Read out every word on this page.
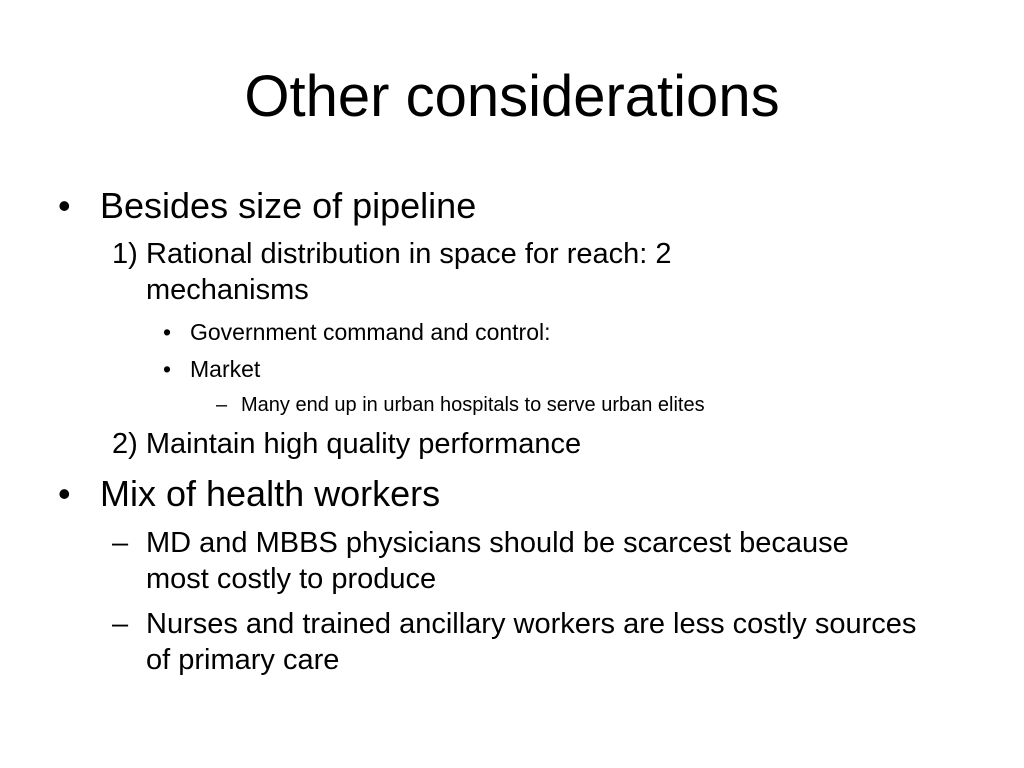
Other considerations
• Besides size of pipeline
1) Rational distribution in space for reach: 2 mechanisms
• Government command and control:
• Market
– Many end up in urban hospitals to serve urban elites
2) Maintain high quality performance
• Mix of health workers
– MD and MBBS physicians should be scarcest because most costly to produce
– Nurses and trained ancillary workers are less costly sources of primary care
